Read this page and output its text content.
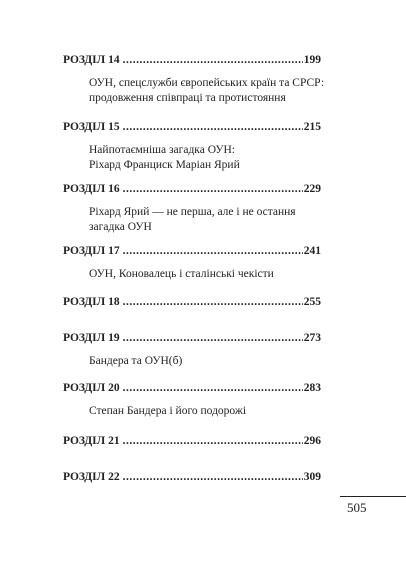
РОЗДІЛ 14 .....	199
ОУН, спецслужби європейських країн та СРСР:
продовження співпраці та протистояння
РОЗДІЛ 15 .....	215
Найпотаємніша загадка ОУН:
Ріхард Франциск Маріан Ярий
РОЗДІЛ 16 .....	229
Ріхард Ярий — не перша, але і не остання
загадка ОУН
РОЗДІЛ 17 .....	241
ОУН, Коновалець і сталінські чекісти
РОЗДІЛ 18 .....	255
РОЗДІЛ 19 .....	273
Бандера та ОУН(б)
РОЗДІЛ 20 .....	283
Степан Бандера і його подорожі
РОЗДІЛ 21 .....	296
РОЗДІЛ 22 .....	309
505
